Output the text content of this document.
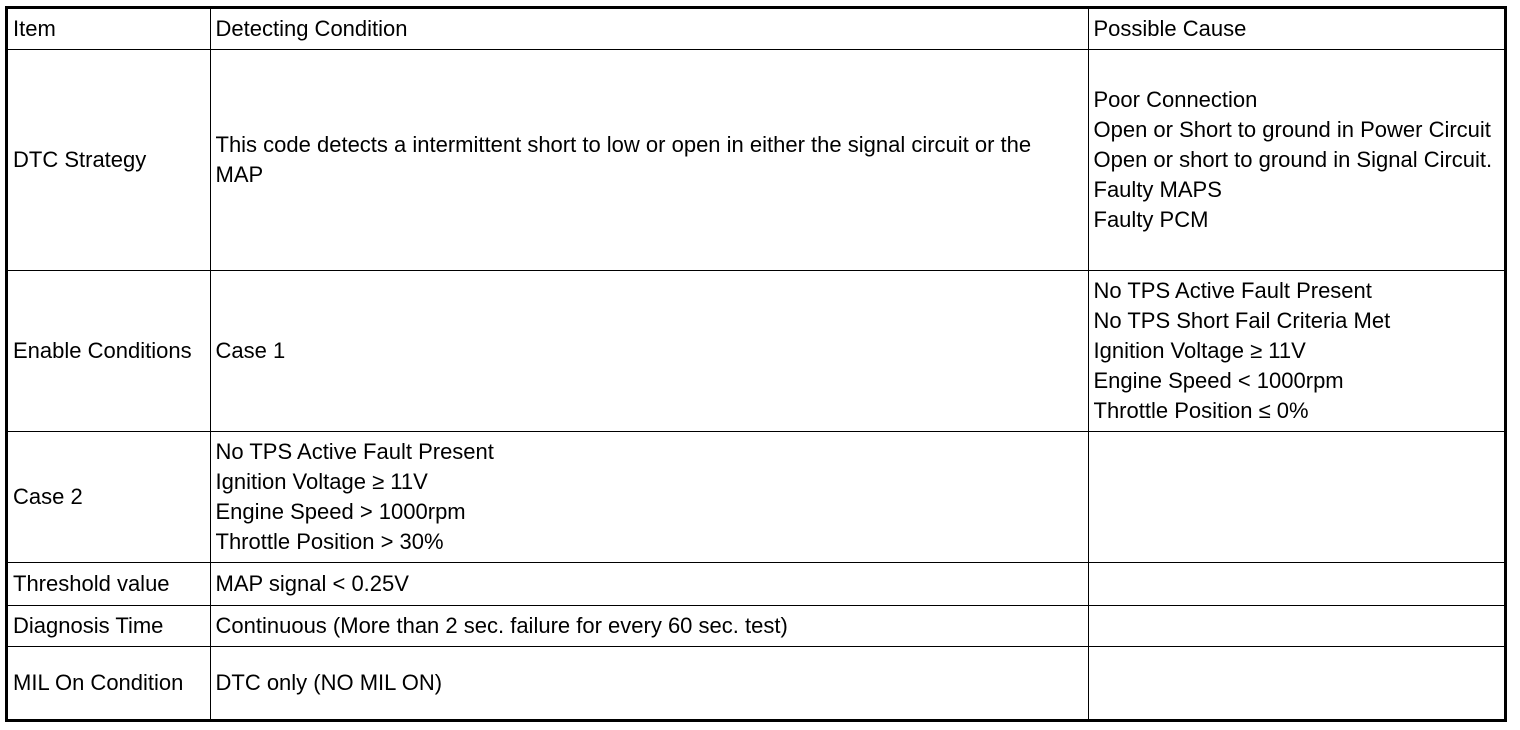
Item	Detecting Condition	Possible Cause
DTC Strategy	This code detects a intermittent short to low or open in either the signal circuit or the MAP	Poor Connection
Open or Short to ground in Power Circuit
Open or short to ground in Signal Circuit.
Faulty MAPS
Faulty PCM

Enable Conditions	Case 1	No TPS Active Fault Present
No TPS Short Fail Criteria Met
Ignition Voltage ≥ 11V
Engine Speed < 1000rpm
Throttle Position ≤ 0%

Case 2	No TPS Active Fault Present
Ignition Voltage ≥ 11V
Engine Speed > 1000rpm
Throttle Position > 30%	

Threshold value	MAP signal < 0.25V	
Diagnosis Time	Continuous (More than 2 sec. failure for every 60 sec. test)	
MIL On Condition	DTC only (NO MIL ON)	
